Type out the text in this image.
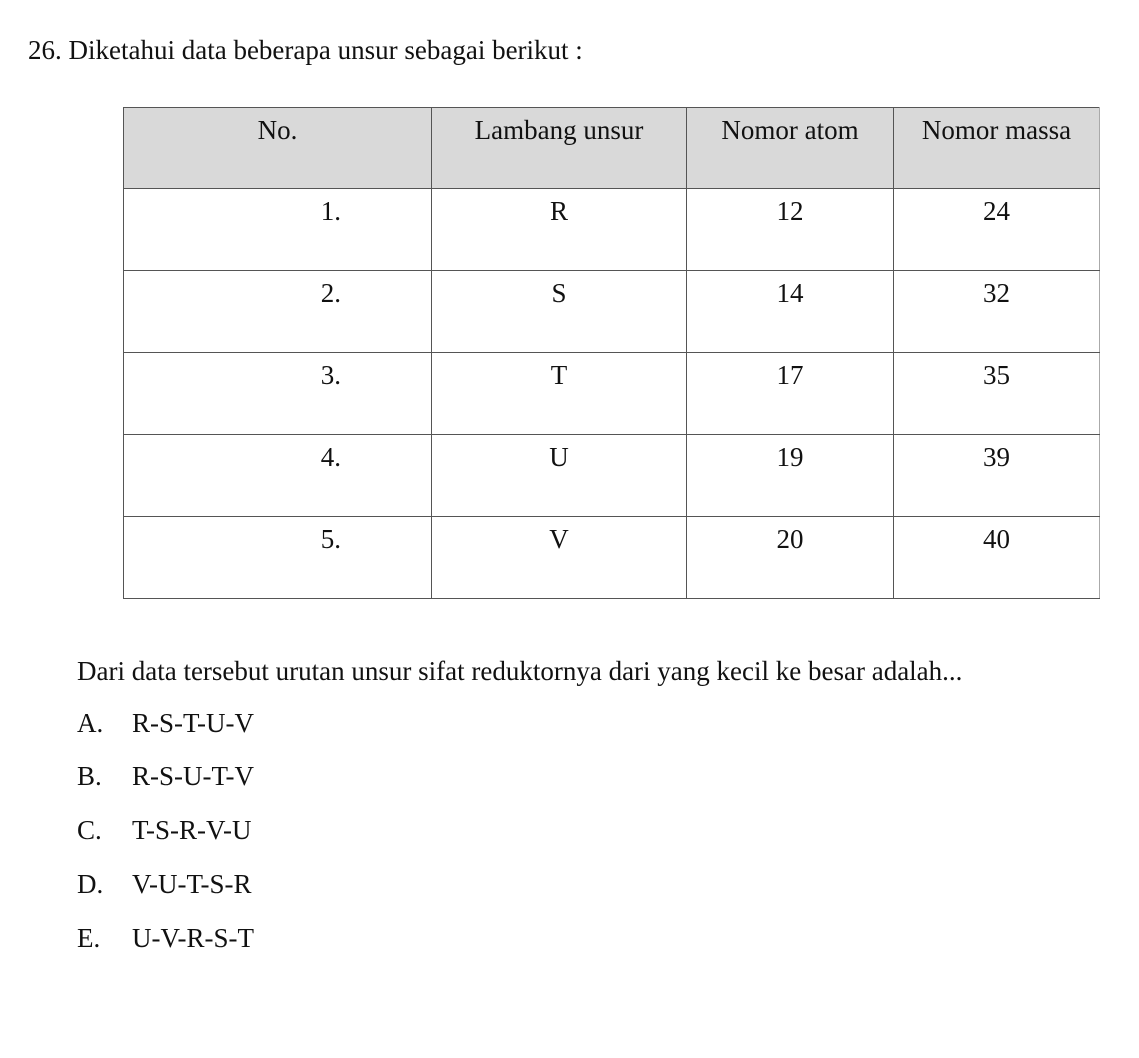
26. Diketahui data beberapa unsur sebagai berikut :
No.	Lambang unsur	Nomor atom	Nomor massa
1.	R	12	24
2.	S	14	32
3.	T	17	35
4.	U	19	39
5.	V	20	40
Dari data tersebut urutan unsur sifat reduktornya dari yang kecil ke besar adalah...
A. R-S-T-U-V
B. R-S-U-T-V
C. T-S-R-V-U
D. V-U-T-S-R
E. U-V-R-S-T
